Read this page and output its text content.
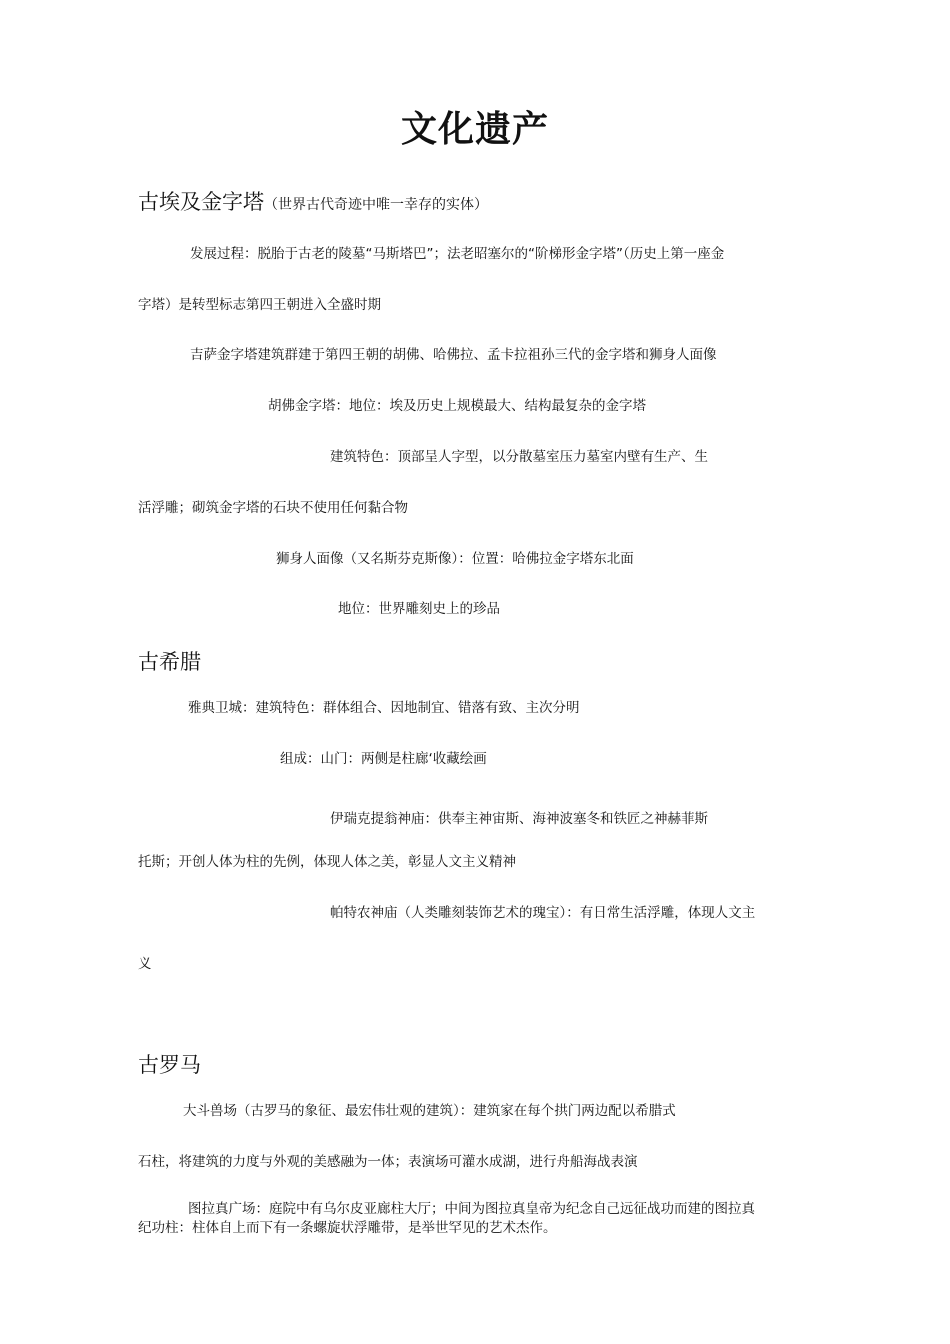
文化遗产
古埃及金字塔（世界古代奇迹中唯一幸存的实体）
发展过程：脱胎于古老的陵墓“马斯塔巴”；法老昭塞尔的“阶梯形金字塔”（历史上第一座金
字塔）是转型标志第四王朝进入全盛时期
吉萨金字塔建筑群建于第四王朝的胡佛、哈佛拉、孟卡拉祖孙三代的金字塔和狮身人面像
胡佛金字塔：地位：埃及历史上规模最大、结构最复杂的金字塔
建筑特色：顶部呈人字型，以分散墓室压力墓室内壁有生产、生
活浮雕；砌筑金字塔的石块不使用任何黏合物
狮身人面像（又名斯芬克斯像）：位置：哈佛拉金字塔东北面
地位：世界雕刻史上的珍品
古希腊
雅典卫城：建筑特色：群体组合、因地制宜、错落有致、主次分明
组成：山门：两侧是柱廊‘收藏绘画
伊瑞克提翁神庙：供奉主神宙斯、海神波塞冬和铁匠之神赫菲斯
托斯；开创人体为柱的先例，体现人体之美，彰显人文主义精神
帕特农神庙（人类雕刻装饰艺术的瑰宝）：有日常生活浮雕，体现人文主
义
古罗马
大斗兽场（古罗马的象征、最宏伟壮观的建筑）：建筑家在每个拱门两边配以希腊式
石柱，将建筑的力度与外观的美感融为一体；表演场可灌水成湖，进行舟船海战表演
图拉真广场：庭院中有乌尔皮亚廊柱大厅；中间为图拉真皇帝为纪念自己远征战功而建的图拉真
纪功柱：柱体自上而下有一条螺旋状浮雕带，是举世罕见的艺术杰作。
